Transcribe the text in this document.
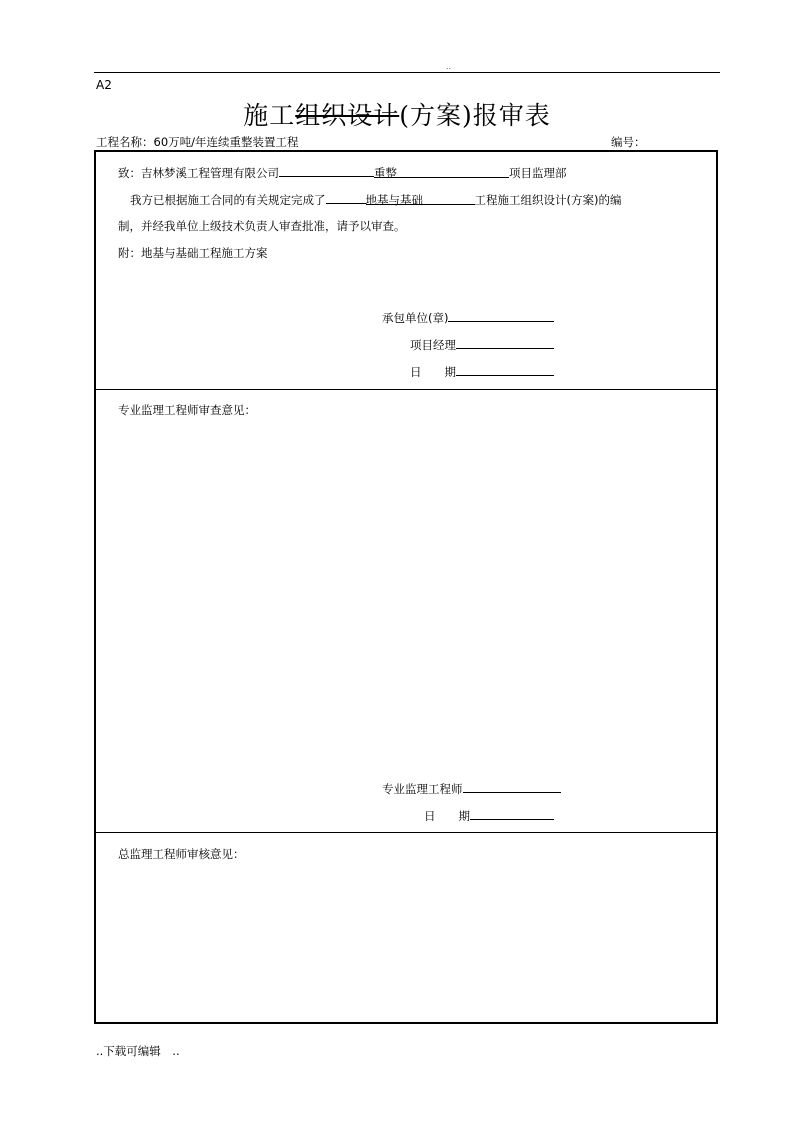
..
A2
施工组织设计(方案)报审表
工程名称：60万吨/年连续重整装置工程	编号：
致：吉林梦溪工程管理有限公司	重整	项目监理部
我方已根据施工合同的有关规定完成了	地基与基础	工程施工组织设计(方案)的编
制，并经我单位上级技术负责人审查批准，请予以审查。
附：地基与基础工程施工方案
承包单位(章)
项目经理
日　　期
专业监理工程师审查意见：
专业监理工程师
日　　期
总监理工程师审核意见：
..下载可编辑　..
